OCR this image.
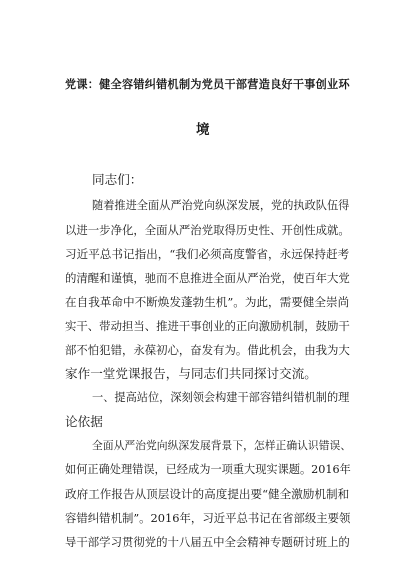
党课：健全容错纠错机制为党员干部营造良好干事创业环
境
同志们：
随着推进全面从严治党向纵深发展，党的执政队伍得
以进一步净化，全面从严治党取得历史性、开创性成就。
习近平总书记指出，“我们必须高度警省，永远保持赶考
的清醒和谨慎，驰而不息推进全面从严治党，使百年大党
在自我革命中不断焕发蓬勃生机”。为此，需要健全崇尚
实干、带动担当、推进干事创业的正向激励机制，鼓励干
部不怕犯错，永葆初心，奋发有为。借此机会，由我为大
家作一堂党课报告，与同志们共同探讨交流。
一、提高站位，深刻领会构建干部容错纠错机制的理
论依据
全面从严治党向纵深发展背景下，怎样正确认识错误、
如何正确处理错误，已经成为一项重大现实课题。2016年
政府工作报告从顶层设计的高度提出要“健全激励机制和
容错纠错机制”。2016年，习近平总书记在省部级主要领
导干部学习贯彻党的十八届五中全会精神专题研讨班上的
